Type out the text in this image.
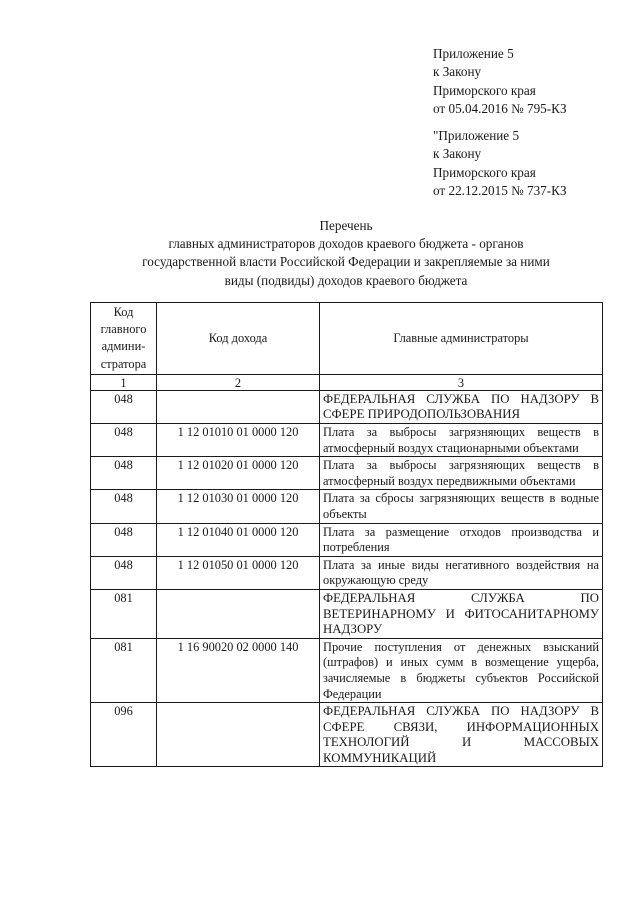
Приложение 5
к Закону
Приморского края
от 05.04.2016 № 795-КЗ
"Приложение 5
к Закону
Приморского края
от 22.12.2015 № 737-КЗ
Перечень
главных администраторов доходов краевого бюджета - органов
государственной власти Российской Федерации и закрепляемые за ними
виды (подвиды) доходов краевого бюджета
Код главного админи-стратора	Код дохода	Главные администраторы
1	2	3
048		ФЕДЕРАЛЬНАЯ СЛУЖБА ПО НАДЗОРУ В СФЕРЕ ПРИРОДОПОЛЬЗОВАНИЯ
048	1 12 01010 01 0000 120	Плата за выбросы загрязняющих веществ в атмосферный воздух стационарными объектами
048	1 12 01020 01 0000 120	Плата за выбросы загрязняющих веществ в атмосферный воздух передвижными объектами
048	1 12 01030 01 0000 120	Плата за сбросы загрязняющих веществ в водные объекты
048	1 12 01040 01 0000 120	Плата за размещение отходов производства и потребления
048	1 12 01050 01 0000 120	Плата за иные виды негативного воздействия на окружающую среду
081		ФЕДЕРАЛЬНАЯ СЛУЖБА ПО ВЕТЕРИНАРНОМУ И ФИТОСАНИТАРНОМУ НАДЗОРУ
081	1 16 90020 02 0000 140	Прочие поступления от денежных взысканий (штрафов) и иных сумм в возмещение ущерба, зачисляемые в бюджеты субъектов Российской Федерации
096		ФЕДЕРАЛЬНАЯ СЛУЖБА ПО НАДЗОРУ В СФЕРЕ СВЯЗИ, ИНФОРМАЦИОННЫХ ТЕХНОЛОГИЙ И МАССОВЫХ КОММУНИКАЦИЙ
